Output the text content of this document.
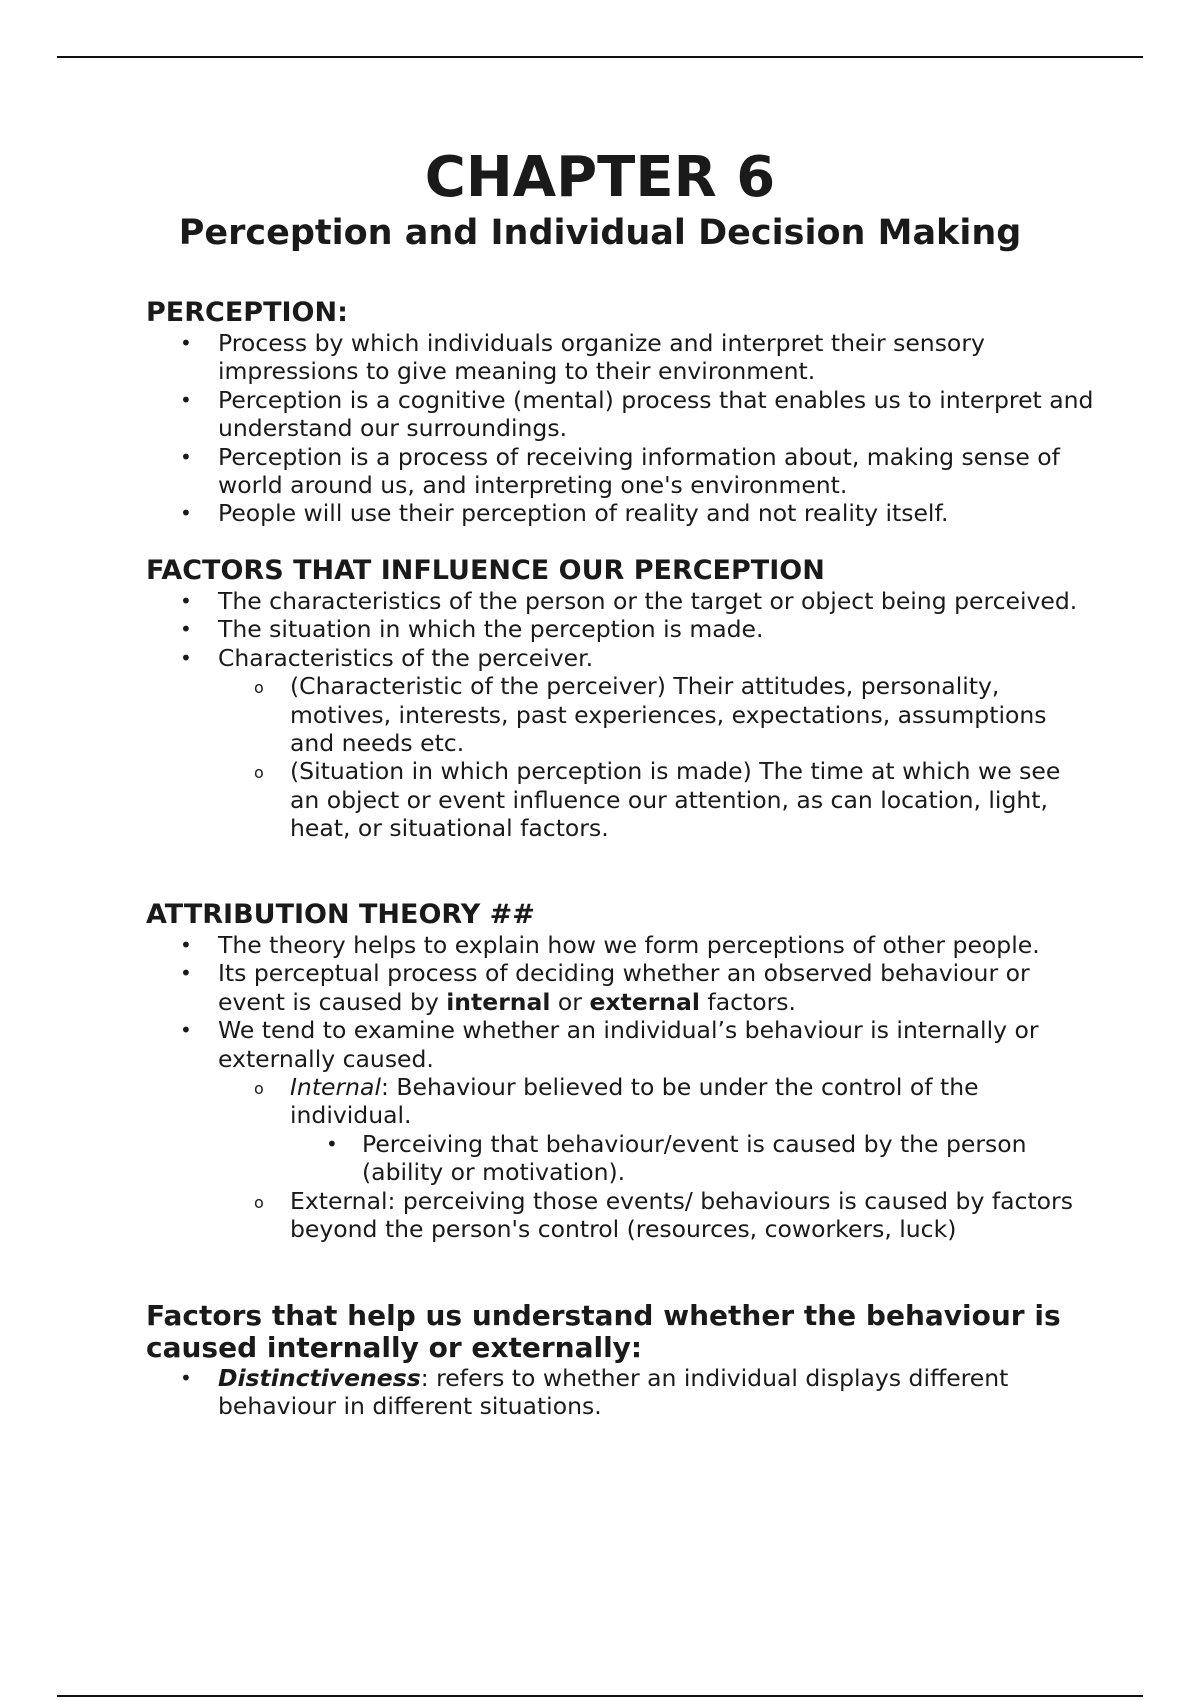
CHAPTER 6
Perception and Individual Decision Making
PERCEPTION:
• Process by which individuals organize and interpret their sensory impressions to give meaning to their environment.
• Perception is a cognitive (mental) process that enables us to interpret and understand our surroundings.
• Perception is a process of receiving information about, making sense of world around us, and interpreting one's environment.
• People will use their perception of reality and not reality itself.
FACTORS THAT INFLUENCE OUR PERCEPTION
• The characteristics of the person or the target or object being perceived.
• The situation in which the perception is made.
• Characteristics of the perceiver.
o (Characteristic of the perceiver) Their attitudes, personality, motives, interests, past experiences, expectations, assumptions and needs etc.
o (Situation in which perception is made) The time at which we see an object or event influence our attention, as can location, light, heat, or situational factors.
ATTRIBUTION THEORY ##
• The theory helps to explain how we form perceptions of other people.
• Its perceptual process of deciding whether an observed behaviour or event is caused by internal or external factors.
• We tend to examine whether an individual’s behaviour is internally or externally caused.
o Internal: Behaviour believed to be under the control of the individual.
• Perceiving that behaviour/event is caused by the person (ability or motivation).
o External: perceiving those events/ behaviours is caused by factors beyond the person's control (resources, coworkers, luck)
Factors that help us understand whether the behaviour is caused internally or externally:
• Distinctiveness: refers to whether an individual displays different behaviour in different situations.
